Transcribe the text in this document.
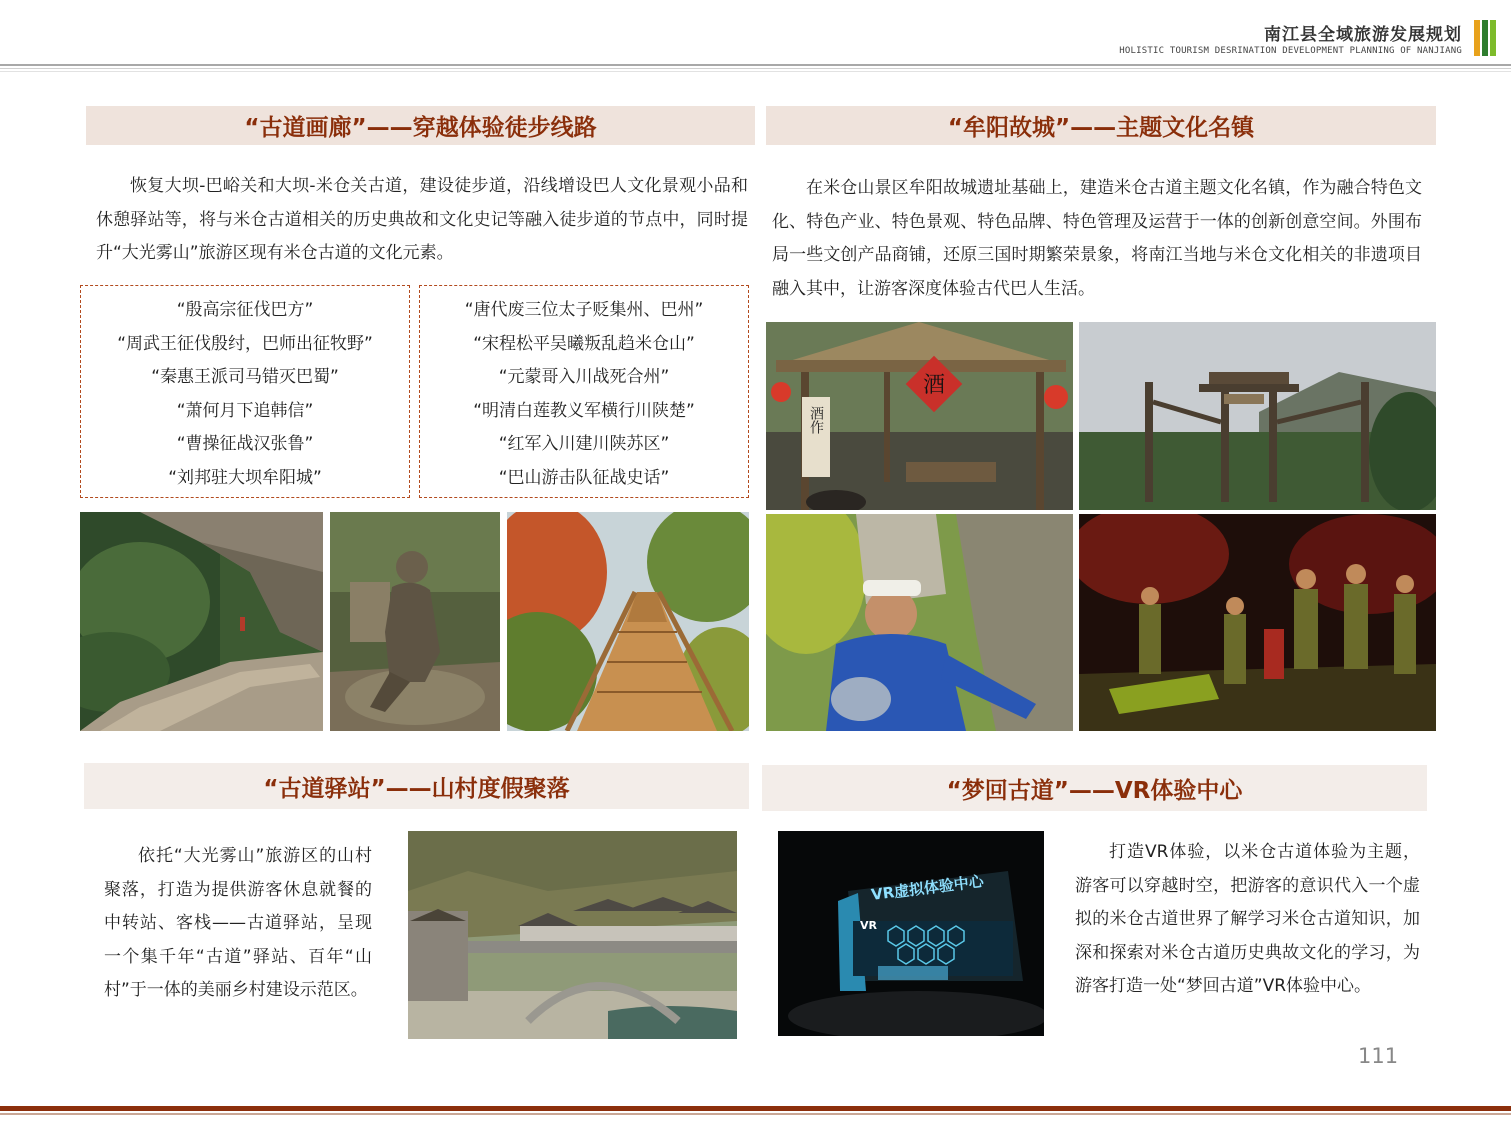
南江县全域旅游发展规划
HOLISTIC TOURISM DESRINATION DEVELOPMENT PLANNING OF NANJIANG
“古道画廊”——穿越体验徒步线路
恢复大坝-巴峪关和大坝-米仓关古道，建设徒步道，沿线增设巴人文化景观小品和休憩驿站等，将与米仓古道相关的历史典故和文化史记等融入徒步道的节点中，同时提升“大光雾山”旅游区现有米仓古道的文化元素。
“殷高宗征伐巴方”
“周武王征伐殷纣，巴师出征牧野”
“秦惠王派司马错灭巴蜀”
“萧何月下追韩信”
“曹操征战汉张鲁”
“刘邦驻大坝牟阳城”
“唐代废三位太子贬集州、巴州”
“宋程松平吴曦叛乱趋米仓山”
“元蒙哥入川战死合州”
“明清白莲教义军横行川陕楚”
“红军入川建川陕苏区”
“巴山游击队征战史话”
“牟阳故城”——主题文化名镇
在米仓山景区牟阳故城遗址基础上，建造米仓古道主题文化名镇，作为融合特色文化、特色产业、特色景观、特色品牌、特色管理及运营于一体的创新创意空间。外围布局一些文创产品商铺，还原三国时期繁荣景象，将南江当地与米仓文化相关的非遗项目融入其中，让游客深度体验古代巴人生活。
酒作
酒
“古道驿站”——山村度假聚落
依托“大光雾山”旅游区的山村聚落，打造为提供游客休息就餐的中转站、客栈——古道驿站，呈现一个集千年“古道”驿站、百年“山村”于一体的美丽乡村建设示范区。
“梦回古道”——VR体验中心
VR虚拟体验中心
VR
打造VR体验，以米仓古道体验为主题，游客可以穿越时空，把游客的意识代入一个虚拟的米仓古道世界了解学习米仓古道知识，加深和探索对米仓古道历史典故文化的学习，为游客打造一处“梦回古道”VR体验中心。
111
